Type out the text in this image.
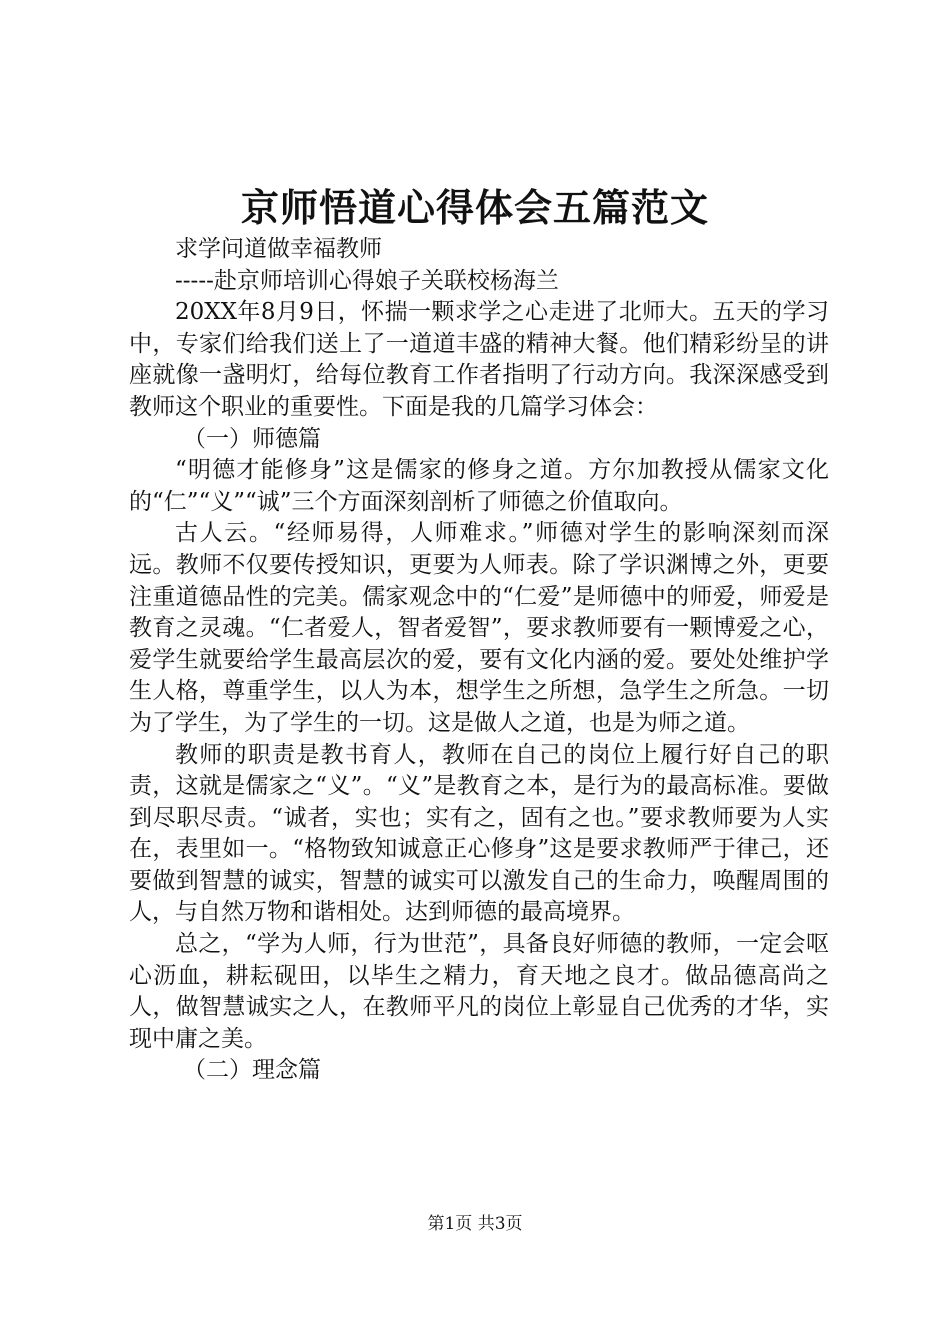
京师悟道心得体会五篇范文

求学问道做幸福教师

-----赴京师培训心得娘子关联校杨海兰

20XX年8月9日，怀揣一颗求学之心走进了北师大。五天的学习中，专家们给我们送上了一道道丰盛的精神大餐。他们精彩纷呈的讲座就像一盏明灯，给每位教育工作者指明了行动方向。我深深感受到教师这个职业的重要性。下面是我的几篇学习体会：

（一）师德篇

“明德才能修身”这是儒家的修身之道。方尔加教授从儒家文化的“仁”“义”“诚”三个方面深刻剖析了师德之价值取向。

古人云。“经师易得，人师难求。”师德对学生的影响深刻而深远。教师不仅要传授知识，更要为人师表。除了学识渊博之外，更要注重道德品性的完美。儒家观念中的“仁爱”是师德中的师爱，师爱是教育之灵魂。“仁者爱人，智者爱智”，要求教师要有一颗博爱之心，爱学生就要给学生最高层次的爱，要有文化内涵的爱。要处处维护学生人格，尊重学生，以人为本，想学生之所想，急学生之所急。一切为了学生，为了学生的一切。这是做人之道，也是为师之道。

教师的职责是教书育人，教师在自己的岗位上履行好自己的职责，这就是儒家之“义”。“义”是教育之本，是行为的最高标准。要做到尽职尽责。“诚者，实也；实有之，固有之也。”要求教师要为人实在，表里如一。“格物致知诚意正心修身”这是要求教师严于律己，还要做到智慧的诚实，智慧的诚实可以激发自己的生命力，唤醒周围的人，与自然万物和谐相处。达到师德的最高境界。

总之，“学为人师，行为世范”，具备良好师德的教师，一定会呕心沥血，耕耘砚田，以毕生之精力，育天地之良才。做品德高尚之人，做智慧诚实之人，在教师平凡的岗位上彰显自己优秀的才华，实现中庸之美。

（二）理念篇

第1页 共3页
